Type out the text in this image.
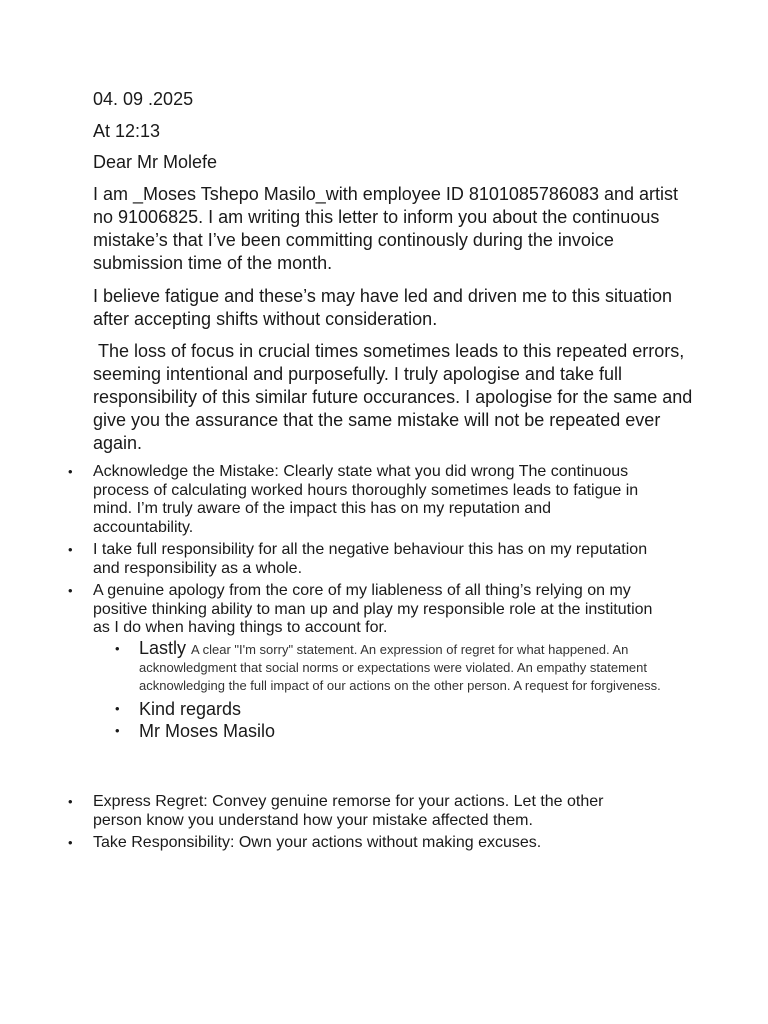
04. 09 .2025

At 12:13

Dear Mr Molefe

I am _Moses Tshepo Masilo_with employee ID 8101085786083 and artist no 91006825. I am writing this letter to inform you about the continuous mistake’s that I’ve been committing continously during the invoice submission time of the month.

I believe fatigue and these’s may have led and driven me to this situation after accepting shifts without consideration.

The loss of focus in crucial times sometimes leads to this repeated errors, seeming intentional and purposefully. I truly apologise and take full responsibility of this similar future occurances. I apologise for the same and give you the assurance that the same mistake will not be repeated ever again.

• Acknowledge the Mistake: Clearly state what you did wrong The continuous process of calculating worked hours thoroughly sometimes leads to fatigue in mind. I’m truly aware of the impact this has on my reputation and accountability.
• I take full responsibility for all the negative behaviour this has on my reputation and responsibility as a whole.
• A genuine apology from the core of my liableness of all thing’s relying on my positive thinking ability to man up and play my responsible role at the institution as I do when having things to account for.
• Lastly A clear "I'm sorry" statement. An expression of regret for what happened. An acknowledgment that social norms or expectations were violated. An empathy statement acknowledging the full impact of our actions on the other person. A request for forgiveness.
• Kind regards
• Mr Moses Masilo
• Express Regret: Convey genuine remorse for your actions. Let the other person know you understand how your mistake affected them.
• Take Responsibility: Own your actions without making excuses.
